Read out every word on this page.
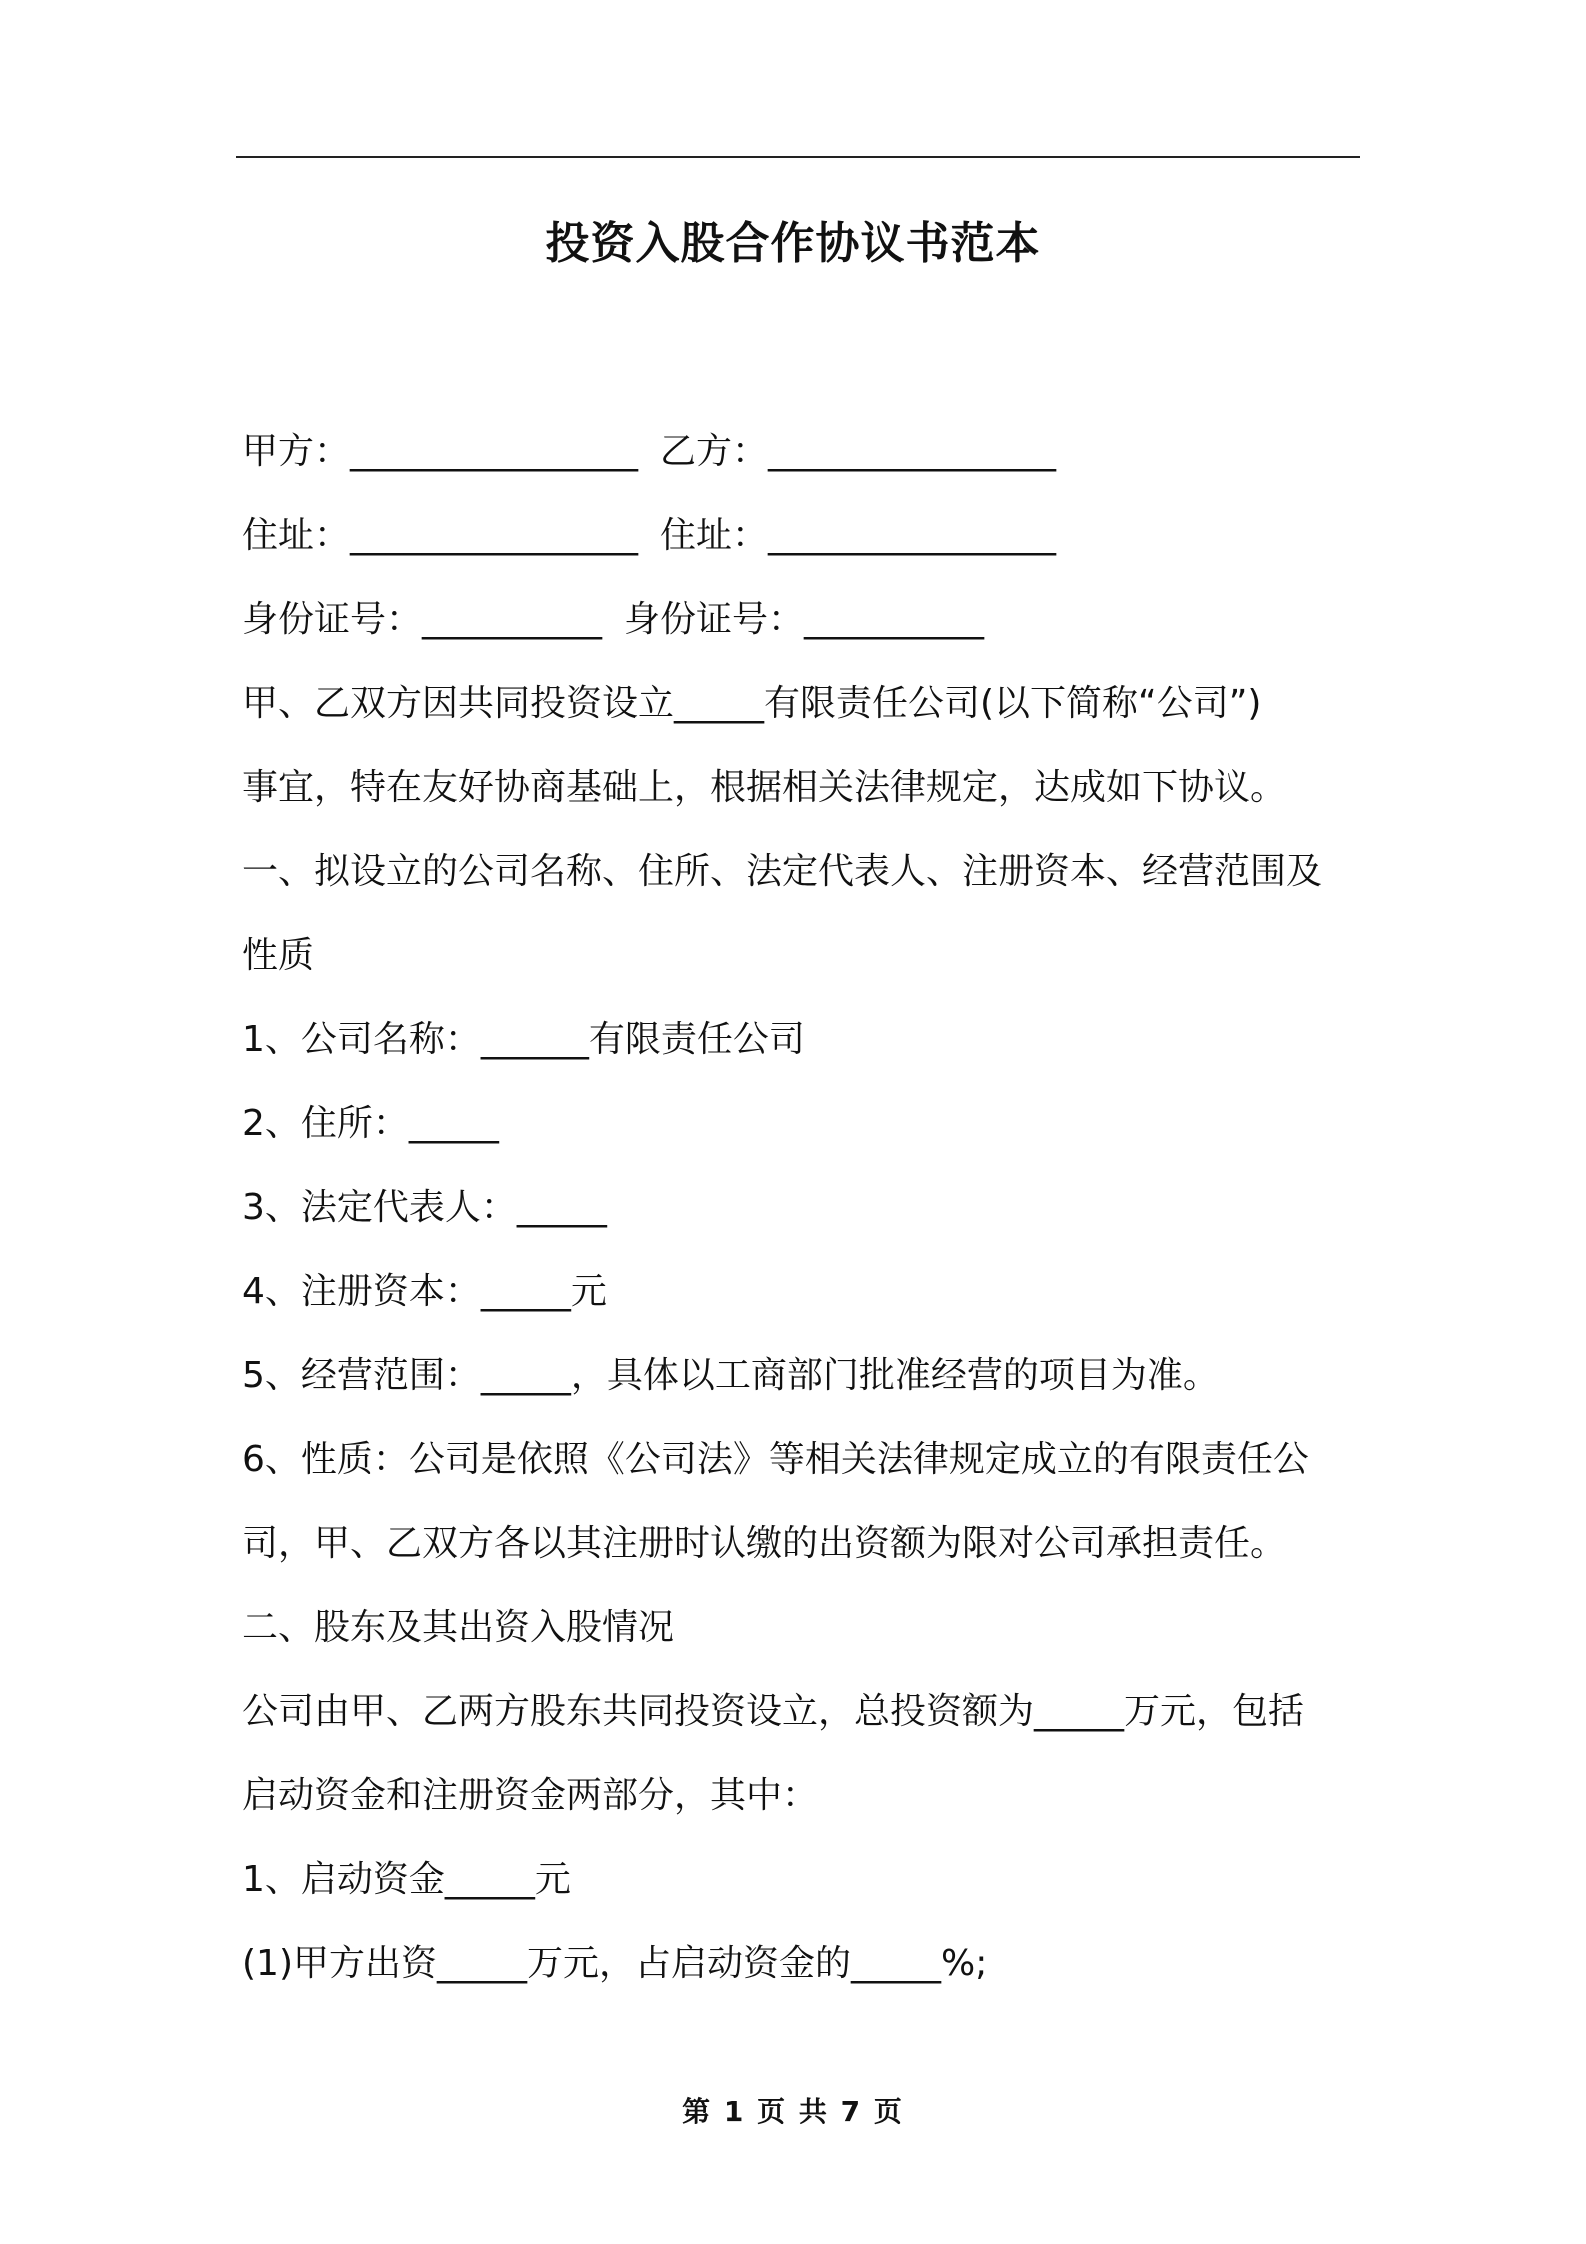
投资入股合作协议书范本
甲方：________________ 乙方：________________
住址：________________ 住址：________________
身份证号：__________ 身份证号：__________
甲、乙双方因共同投资设立_____有限责任公司(以下简称“公司”)
事宜，特在友好协商基础上，根据相关法律规定，达成如下协议。
一、拟设立的公司名称、住所、法定代表人、注册资本、经营范围及
性质
1、公司名称：______有限责任公司
2、住所：_____
3、法定代表人：_____
4、注册资本：_____元
5、经营范围：_____，具体以工商部门批准经营的项目为准。
6、性质：公司是依照《公司法》等相关法律规定成立的有限责任公
司，甲、乙双方各以其注册时认缴的出资额为限对公司承担责任。
二、股东及其出资入股情况
公司由甲、乙两方股东共同投资设立，总投资额为_____万元，包括
启动资金和注册资金两部分，其中：
1、启动资金_____元
(1)甲方出资_____万元，占启动资金的_____%;
第 1 页 共 7 页
